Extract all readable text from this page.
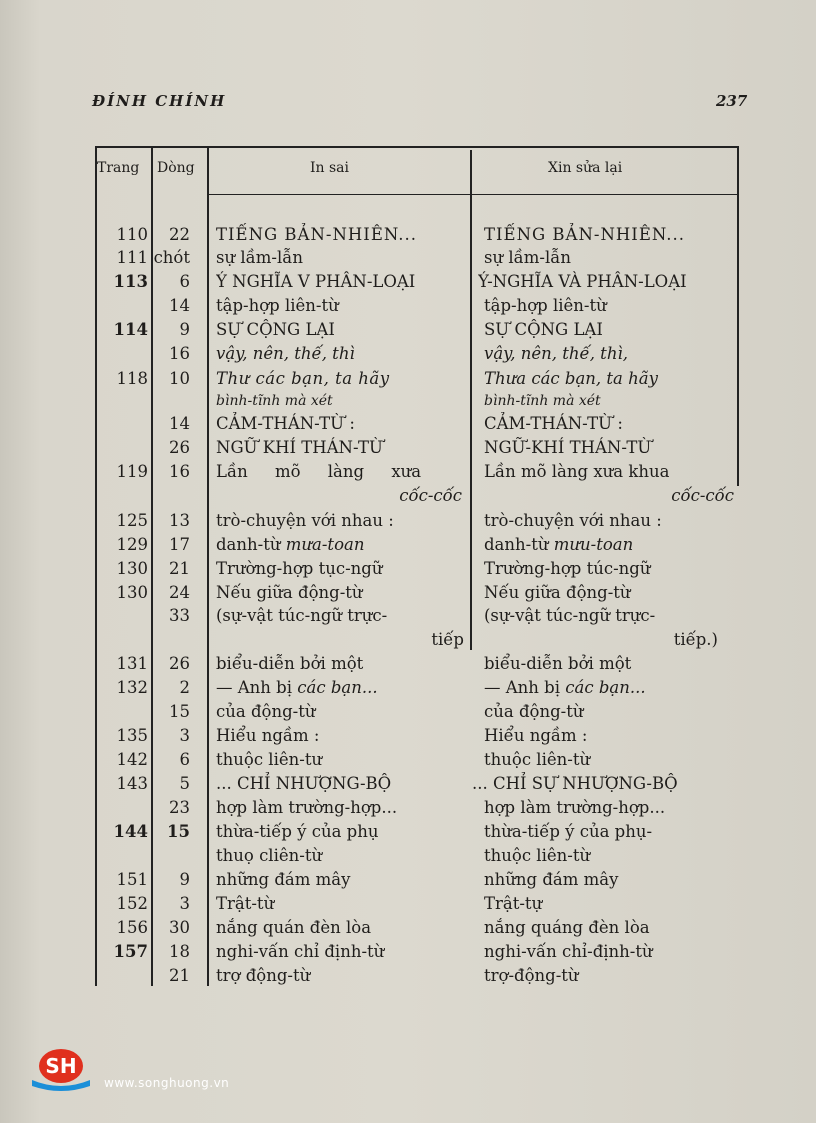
ĐÍNH CHÍNH	237
Trang Dòng	In sai	Xin sửa lại
110	22 TIẾNG BẢN-NHIÊN...	TIẾNG BẢN-NHIÊN...
111 chót sự lầm-lẫn	sự lầm-lẫn
113	6 Ý NGHĨA V PHÂN-LOẠI	Ý-NGHĨA VÀ PHÂN-LOẠI
14 tập-hợp liên-từ	tập-hợp liên-từ
114	9 SỰ CỘNG LẠI	SỰ CỘNG LẠI
16 vậy, nên, thế, thì	vậy, nên, thế, thì,
118	10 Thư các bạn, ta hãy	Thưa các bạn, ta hãy
bình-tĩnh mà xét	bình-tĩnh mà xét
14 CẢM-THÁN-TỪ :	CẢM-THÁN-TỪ :
26 NGỮ KHÍ THÁN-TỪ	NGỮ-KHÍ THÁN-TỪ
119	16 Lần mõ làng xưa	Lần mõ làng xưa khua
cốc-cốc	cốc-cốc
125	13 trò-chuyện với nhau :	trò-chuyện với nhau :
129	17 danh-từ mưa-toan	danh-từ mưu-toan
130	21 Trường-hợp tục-ngữ	Trường-hợp túc-ngữ
130	24 Nếu giữa động-từ	Nếu giữa động-từ
33 (sự-vật túc-ngữ trực-	(sự-vật túc-ngữ trực-
tiếp	tiếp.)
131	26 biểu-diễn bởi một	biểu-diễn bởi một
132	2 — Anh bị các bạn...	— Anh bị các bạn...
15 của động-từ	của động-từ
135	3 Hiểu ngầm :	Hiểu ngầm :
142	6 thuộc liên-tư	thuộc liên-từ
143	5 ... CHỈ NHƯỢNG-BỘ	... CHỈ SỰ NHƯỢNG-BỘ
23 hợp làm trường-hợp...	hợp làm trường-hợp...
144	15 thừa-tiếp ý của phụ	thừa-tiếp ý của phụ-
thuọ cliên-từ	thuộc liên-từ
151	9 những đám mây	những đám mây
152	3 Trật-từ	Trật-tự
156	30 nắng quán đèn lòa	nắng quáng đèn lòa
157	18 nghi-vấn chỉ định-từ	nghi-vấn chỉ-định-từ
21 trợ động-từ	trợ-động-từ
SH
www.songhuong.vn
